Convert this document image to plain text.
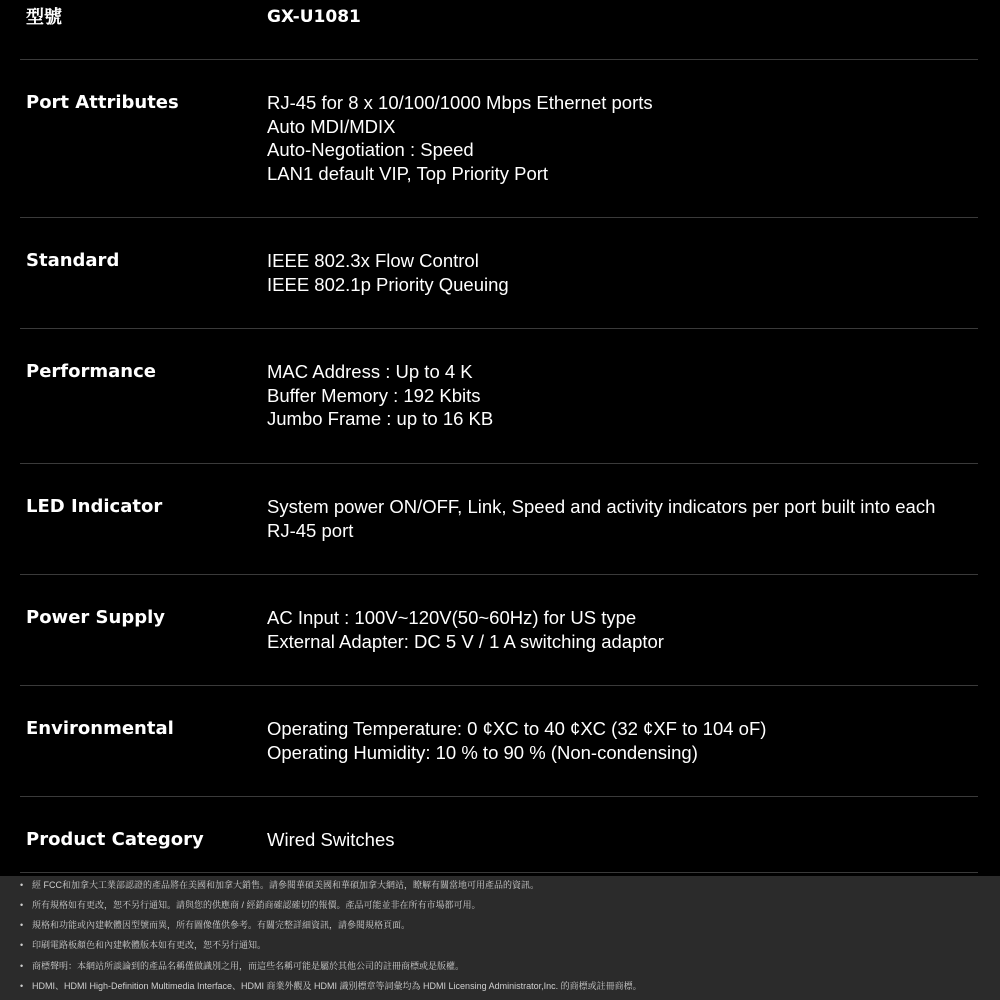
型號	GX-U1081
Port Attributes	RJ-45 for 8 x 10/100/1000 Mbps Ethernet ports
Auto MDI/MDIX
Auto-Negotiation : Speed
LAN1 default VIP, Top Priority Port
Standard	IEEE 802.3x Flow Control
IEEE 802.1p Priority Queuing
Performance	MAC Address : Up to 4 K
Buffer Memory : 192 Kbits
Jumbo Frame : up to 16 KB
LED Indicator	System power ON/OFF, Link, Speed and activity indicators per port built into each
RJ-45 port
Power Supply	AC Input : 100V~120V(50~60Hz) for US type
External Adapter: DC 5 V / 1 A switching adaptor
Environmental	Operating Temperature: 0 ¢XC to 40 ¢XC (32 ¢XF to 104 oF)
Operating Humidity: 10 % to 90 % (Non-condensing)
Product Category	Wired Switches
• 經 FCC和加拿大工業部認證的產品將在美國和加拿大銷售。請參閱華碩美國和華碩加拿大網站，瞭解有關當地可用產品的資訊。
• 所有規格如有更改，恕不另行通知。請與您的供應商 / 經銷商確認確切的報價。產品可能並非在所有市場都可用。
• 規格和功能或內建軟體因型號而異，所有圖像僅供參考。有關完整詳細資訊，請參閱規格頁面。
• 印刷電路板顏色和內建軟體版本如有更改，恕不另行通知。
• 商標聲明：本網站所談論到的產品名稱僅做識別之用，而這些名稱可能是屬於其他公司的註冊商標或是版權。
• HDMI、HDMI High-Definition Multimedia Interface、HDMI 商業外觀及 HDMI 識別標章等詞彙均為 HDMI Licensing Administrator,Inc. 的商標或註冊商標。
